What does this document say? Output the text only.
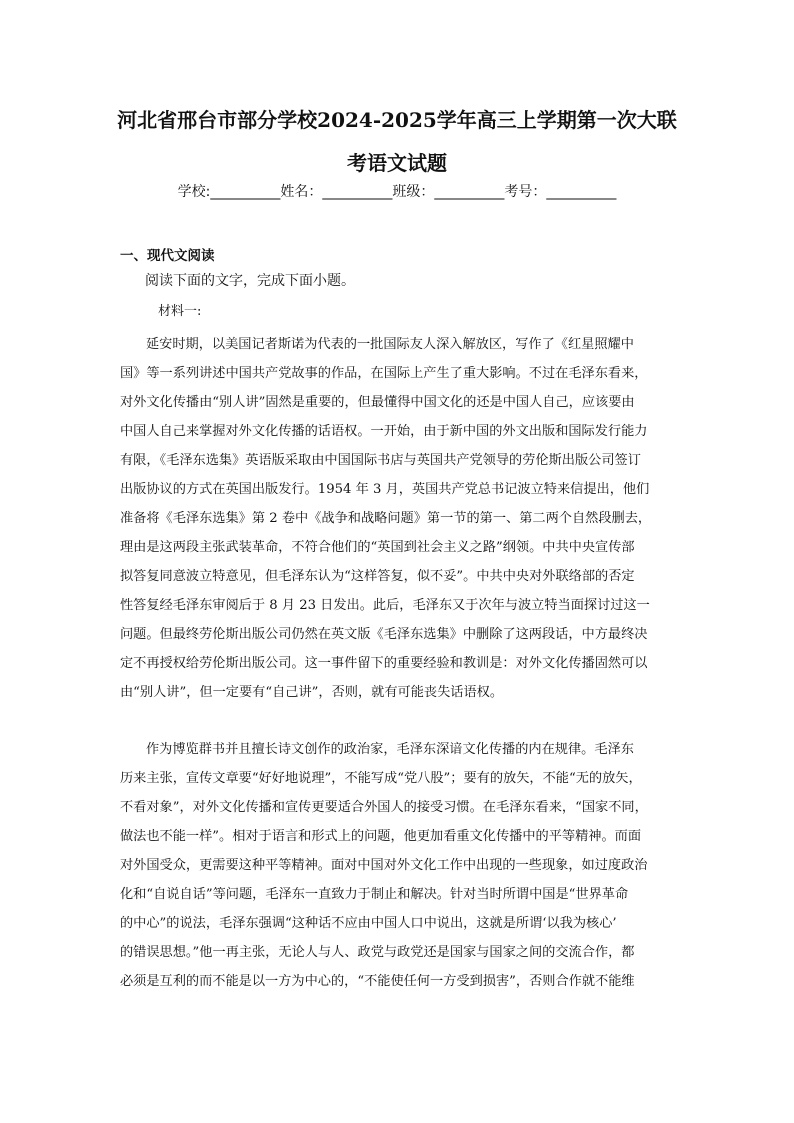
河北省邢台市部分学校2024-2025学年高三上学期第一次大联
考语文试题
学校:__________姓名：__________班级：__________考号：__________
一、现代文阅读

阅读下面的文字，完成下面小题。

材料一:

延安时期，以美国记者斯诺为代表的一批国际友人深入解放区，写作了《红星照耀中
国》等一系列讲述中国共产党故事的作品，在国际上产生了重大影响。不过在毛泽东看来，
对外文化传播由“别人讲”固然是重要的，但最懂得中国文化的还是中国人自己，应该要由
中国人自己来掌握对外文化传播的话语权。一开始，由于新中国的外文出版和国际发行能力
有限，《毛泽东选集》英语版采取由中国国际书店与英国共产党领导的劳伦斯出版公司签订
出版协议的方式在英国出版发行。1954 年 3 月，英国共产党总书记波立特来信提出，他们
准备将《毛泽东选集》第 2 卷中《战争和战略问题》第一节的第一、第二两个自然段删去，
理由是这两段主张武装革命，不符合他们的“英国到社会主义之路”纲领。中共中央宣传部
拟答复同意波立特意见，但毛泽东认为“这样答复，似不妥”。中共中央对外联络部的否定
性答复经毛泽东审阅后于 8 月 23 日发出。此后，毛泽东又于次年与波立特当面探讨过这一
问题。但最终劳伦斯出版公司仍然在英文版《毛泽东选集》中删除了这两段话，中方最终决
定不再授权给劳伦斯出版公司。这一事件留下的重要经验和教训是：对外文化传播固然可以
由“别人讲”，但一定要有“自己讲”，否则，就有可能丧失话语权。
作为博览群书并且擅长诗文创作的政治家，毛泽东深谙文化传播的内在规律。毛泽东
历来主张，宣传文章要“好好地说理”，不能写成“党八股”；要有的放矢，不能“无的放矢，
不看对象”，对外文化传播和宣传更要适合外国人的接受习惯。在毛泽东看来，“国家不同，
做法也不能一样”。相对于语言和形式上的问题，他更加看重文化传播中的平等精神。而面
对外国受众，更需要这种平等精神。面对中国对外文化工作中出现的一些现象，如过度政治
化和“自说自话”等问题，毛泽东一直致力于制止和解决。针对当时所谓中国是“世界革命
的中心”的说法，毛泽东强调“这种话不应由中国人口中说出，这就是所谓‘以我为核心’
的错误思想。”他一再主张，无论人与人、政党与政党还是国家与国家之间的交流合作，都
必须是互利的而不能是以一方为中心的，“不能使任何一方受到损害”，否则合作就不能维
